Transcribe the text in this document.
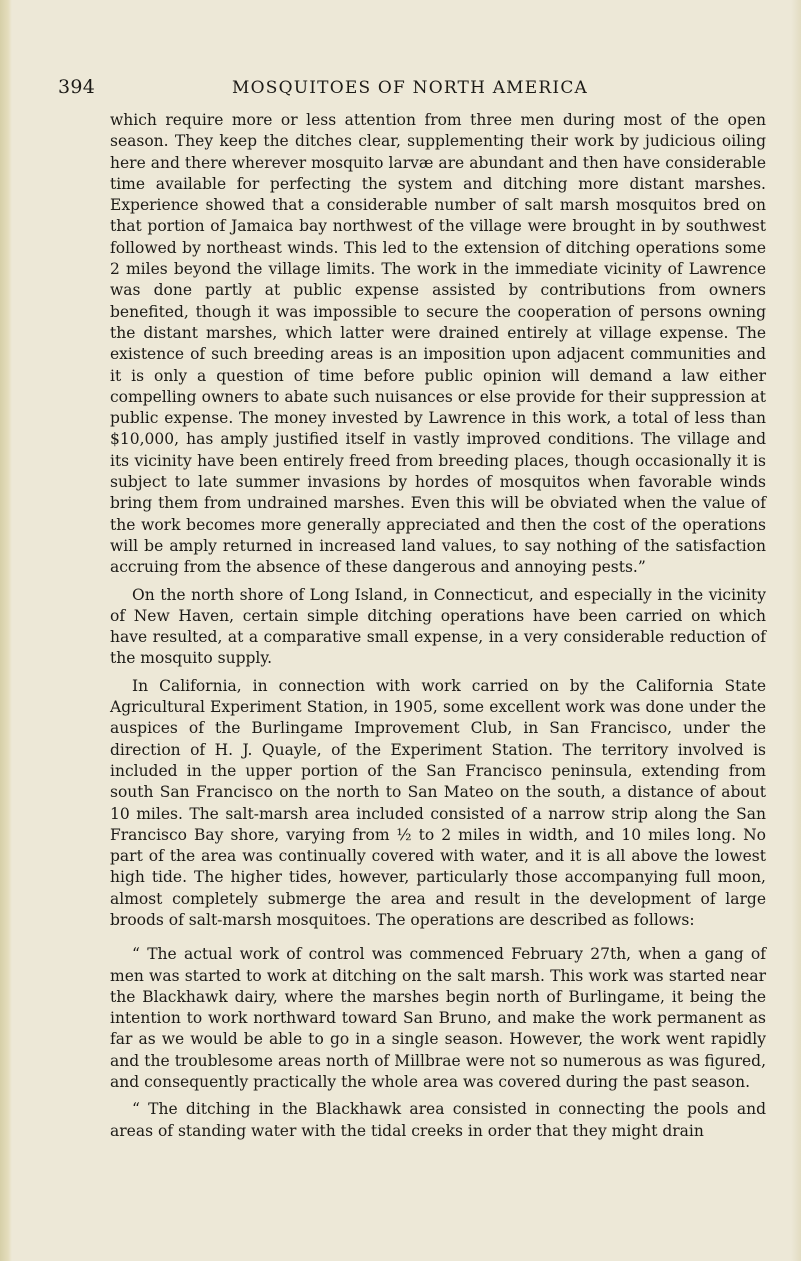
394	MOSQUITOES OF NORTH AMERICA

which require more or less attention from three men during most of the open season. They keep the ditches clear, supplementing their work by judicious oiling here and there wherever mosquito larvæ are abundant and then have considerable time available for perfecting the system and ditching more distant marshes. Experience showed that a considerable number of salt marsh mosquitos bred on that portion of Jamaica bay northwest of the village were brought in by southwest followed by northeast winds. This led to the extension of ditching operations some 2 miles beyond the village limits. The work in the immediate vicinity of Lawrence was done partly at public expense assisted by contributions from owners benefited, though it was impossible to secure the cooperation of persons owning the distant marshes, which latter were drained entirely at village expense. The existence of such breeding areas is an imposition upon adjacent communities and it is only a question of time before public opinion will demand a law either compelling owners to abate such nuisances or else provide for their suppression at public expense. The money invested by Lawrence in this work, a total of less than $10,000, has amply justified itself in vastly improved conditions. The village and its vicinity have been entirely freed from breeding places, though occasionally it is subject to late summer invasions by hordes of mosquitos when favorable winds bring them from undrained marshes. Even this will be obviated when the value of the work becomes more generally appreciated and then the cost of the operations will be amply returned in increased land values, to say nothing of the satisfaction accruing from the absence of these dangerous and annoying pests.”

On the north shore of Long Island, in Connecticut, and especially in the vicinity of New Haven, certain simple ditching operations have been carried on which have resulted, at a comparative small expense, in a very considerable reduction of the mosquito supply.

In California, in connection with work carried on by the California State Agricultural Experiment Station, in 1905, some excellent work was done under the auspices of the Burlingame Improvement Club, in San Francisco, under the direction of H. J. Quayle, of the Experiment Station. The territory involved is included in the upper portion of the San Francisco peninsula, extending from south San Francisco on the north to San Mateo on the south, a distance of about 10 miles. The salt-marsh area included consisted of a narrow strip along the San Francisco Bay shore, varying from ½ to 2 miles in width, and 10 miles long. No part of the area was continually covered with water, and it is all above the lowest high tide. The higher tides, however, particularly those accompanying full moon, almost completely submerge the area and result in the development of large broods of salt-marsh mosquitoes. The operations are described as follows:

“ The actual work of control was commenced February 27th, when a gang of men was started to work at ditching on the salt marsh. This work was started near the Blackhawk dairy, where the marshes begin north of Burlingame, it being the intention to work northward toward San Bruno, and make the work permanent as far as we would be able to go in a single season. However, the work went rapidly and the troublesome areas north of Millbrae were not so numerous as was figured, and consequently practically the whole area was covered during the past season.

“ The ditching in the Blackhawk area consisted in connecting the pools and areas of standing water with the tidal creeks in order that they might drain
